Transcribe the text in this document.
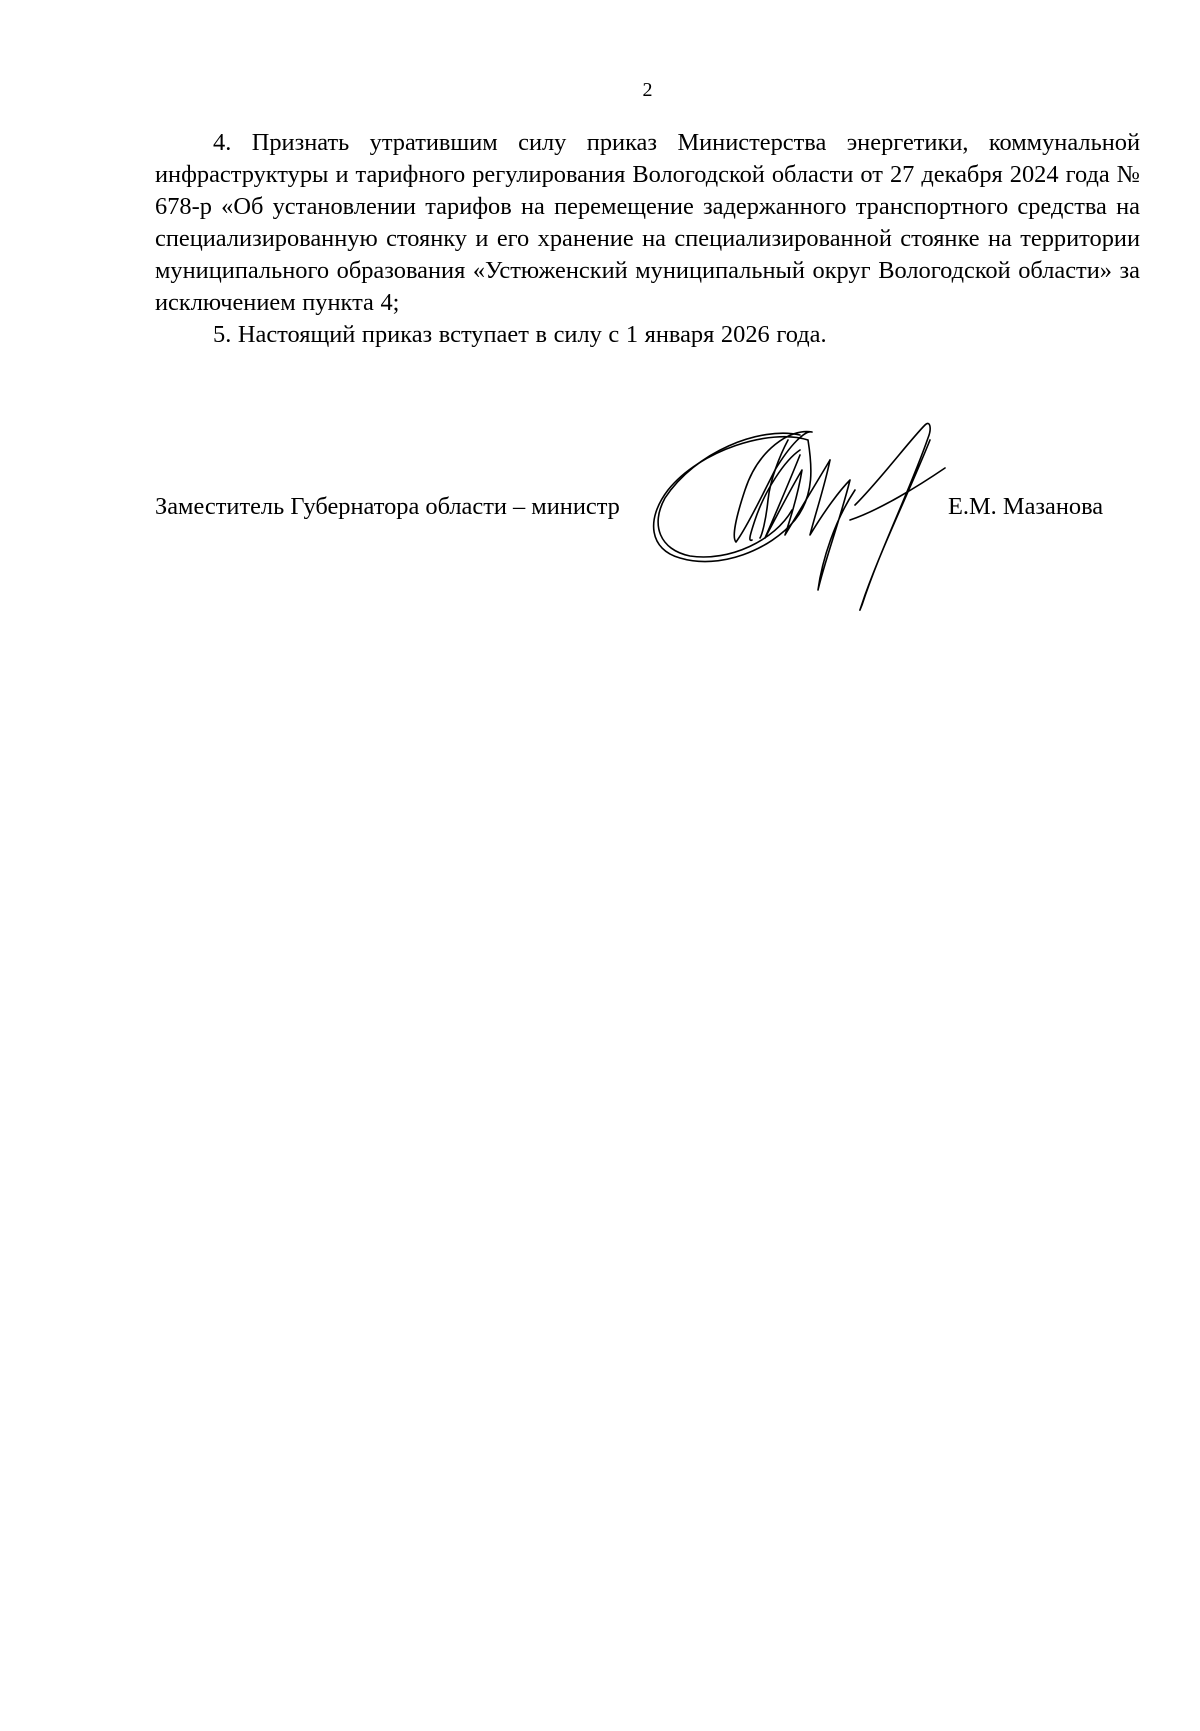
2

4. Признать утратившим силу приказ Министерства энергетики, коммунальной инфраструктуры и тарифного регулирования Вологодской области от 27 декабря 2024 года № 678-р «Об установлении тарифов на перемещение задержанного транспортного средства на специализированную стоянку и его хранение на специализированной стоянке на территории муниципального образования «Устюженский муниципальный округ Вологодской области» за исключением пункта 4;

5. Настоящий приказ вступает в силу с 1 января 2026 года.

Заместитель Губернатора области – министр	Е.М. Мазанова
